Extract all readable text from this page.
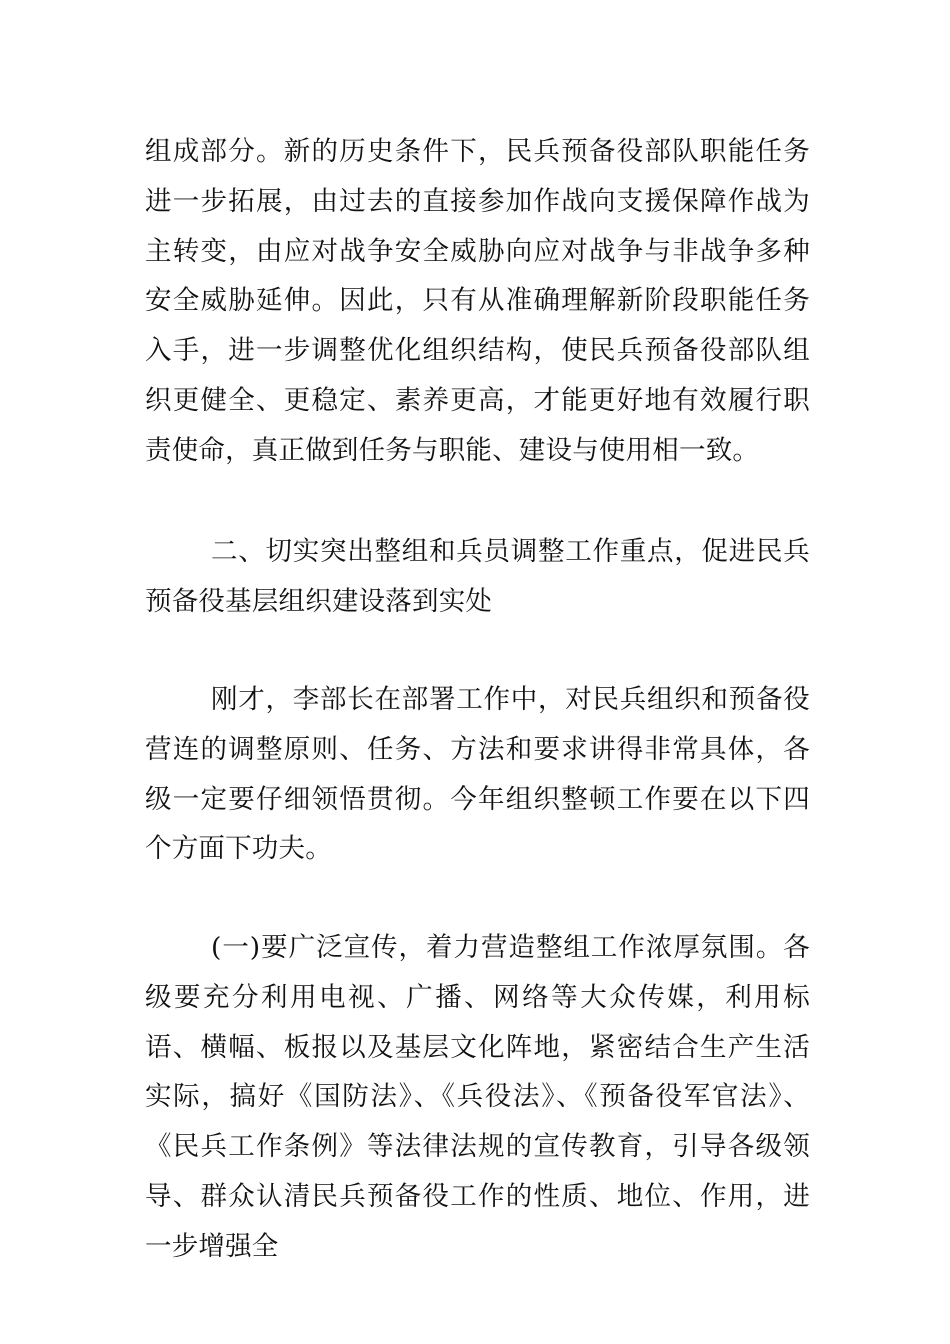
组成部分。新的历史条件下，民兵预备役部队职能任务进一步拓展，由过去的直接参加作战向支援保障作战为主转变，由应对战争安全威胁向应对战争与非战争多种安全威胁延伸。因此，只有从准确理解新阶段职能任务入手，进一步调整优化组织结构，使民兵预备役部队组织更健全、更稳定、素养更高，才能更好地有效履行职责使命，真正做到任务与职能、建设与使用相一致。

二、切实突出整组和兵员调整工作重点，促进民兵预备役基层组织建设落到实处

刚才，李部长在部署工作中，对民兵组织和预备役营连的调整原则、任务、方法和要求讲得非常具体，各级一定要仔细领悟贯彻。今年组织整顿工作要在以下四个方面下功夫。

(一)要广泛宣传，着力营造整组工作浓厚氛围。各级要充分利用电视、广播、网络等大众传媒，利用标语、横幅、板报以及基层文化阵地，紧密结合生产生活实际，搞好《国防法》、《兵役法》、《预备役军官法》、《民兵工作条例》等法律法规的宣传教育，引导各级领导、群众认清民兵预备役工作的性质、地位、作用，进一步增强全
